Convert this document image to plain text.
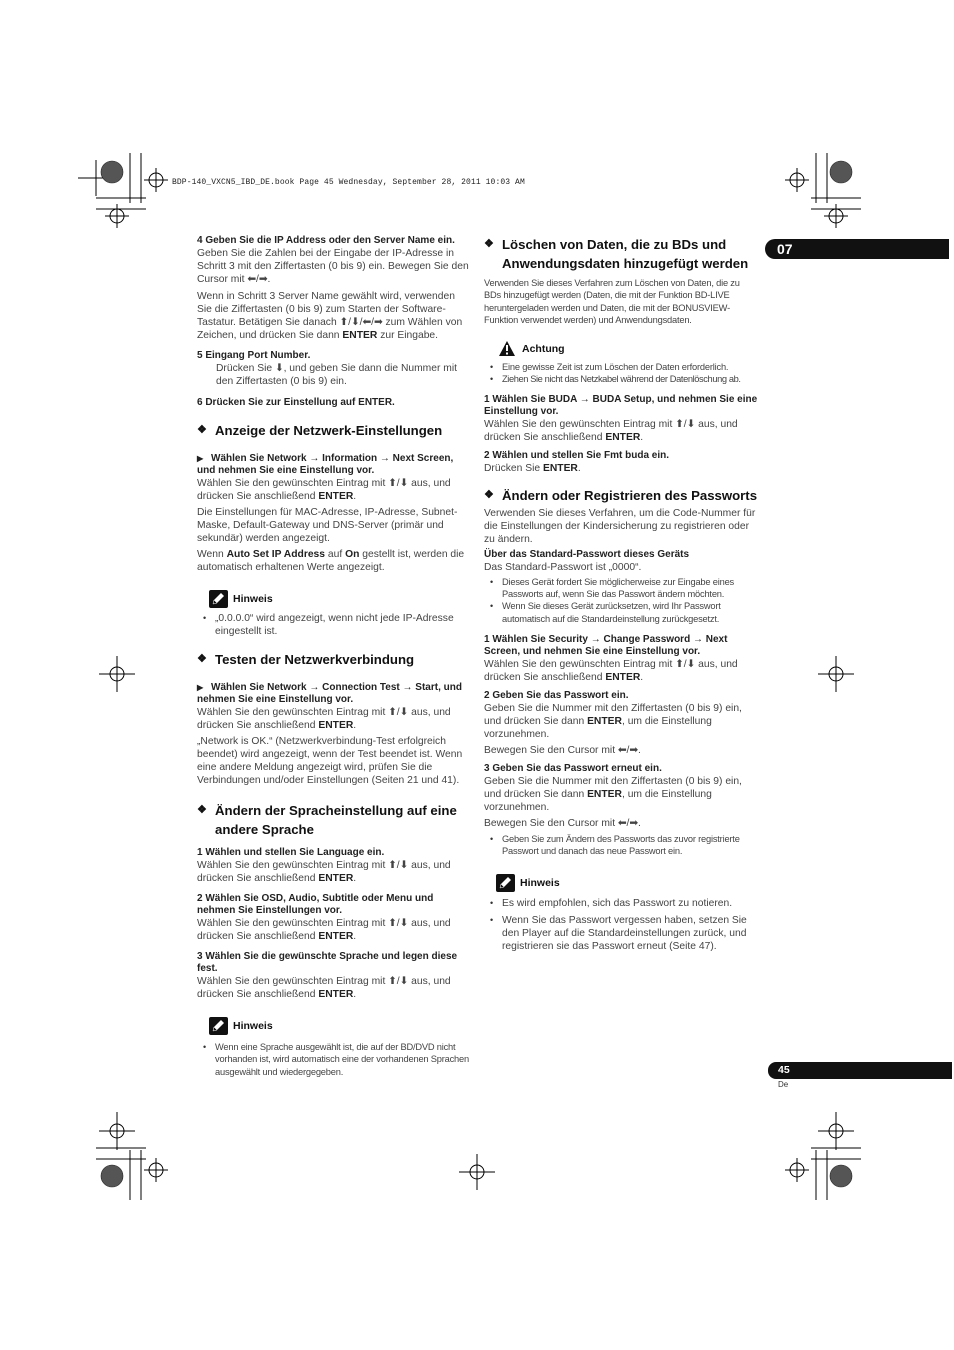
BDP-140_VXCN5_IBD_DE.book Page 45 Wednesday, September 28, 2011 10:03 AM
07
45
De
4 Geben Sie die IP Address oder den Server Name ein.
Geben Sie die Zahlen bei der Eingabe der IP-Adresse in Schritt 3 mit den Ziffertasten (0 bis 9) ein. Bewegen Sie den Cursor mit ⬅/➡.
Wenn in Schritt 3 Server Name gewählt wird, verwenden Sie die Ziffertasten (0 bis 9) zum Starten der Software-Tastatur. Betätigen Sie danach ⬆/⬇/⬅/➡ zum Wählen von Zeichen, und drücken Sie dann ENTER zur Eingabe.
5 Eingang Port Number.
Drücken Sie ⬇, und geben Sie dann die Nummer mit den Ziffertasten (0 bis 9) ein.
6 Drücken Sie zur Einstellung auf ENTER.
❖ Anzeige der Netzwerk-Einstellungen
▶ Wählen Sie Network → Information → Next Screen, und nehmen Sie eine Einstellung vor.
Wählen Sie den gewünschten Eintrag mit ⬆/⬇ aus, und drücken Sie anschließend ENTER.
Die Einstellungen für MAC-Adresse, IP-Adresse, Subnet-Maske, Default-Gateway und DNS-Server (primär und sekundär) werden angezeigt.
Wenn Auto Set IP Address auf On gestellt ist, werden die automatisch erhaltenen Werte angezeigt.
Hinweis
• „0.0.0.0“ wird angezeigt, wenn nicht jede IP-Adresse eingestellt ist.
❖ Testen der Netzwerkverbindung
▶ Wählen Sie Network → Connection Test → Start, und nehmen Sie eine Einstellung vor.
Wählen Sie den gewünschten Eintrag mit ⬆/⬇ aus, und drücken Sie anschließend ENTER.
„Network is OK.“ (Netzwerkverbindung-Test erfolgreich beendet) wird angezeigt, wenn der Test beendet ist. Wenn eine andere Meldung angezeigt wird, prüfen Sie die Verbindungen und/oder Einstellungen (Seiten 21 und 41).
❖ Ändern der Spracheinstellung auf eine andere Sprache
1 Wählen und stellen Sie Language ein.
Wählen Sie den gewünschten Eintrag mit ⬆/⬇ aus, und drücken Sie anschließend ENTER.
2 Wählen Sie OSD, Audio, Subtitle oder Menu und nehmen Sie Einstellungen vor.
Wählen Sie den gewünschten Eintrag mit ⬆/⬇ aus, und drücken Sie anschließend ENTER.
3 Wählen Sie die gewünschte Sprache und legen diese fest.
Wählen Sie den gewünschten Eintrag mit ⬆/⬇ aus, und drücken Sie anschließend ENTER.
Hinweis
• Wenn eine Sprache ausgewählt ist, die auf der BD/DVD nicht vorhanden ist, wird automatisch eine der vorhandenen Sprachen ausgewählt und wiedergegeben.
❖ Löschen von Daten, die zu BDs und Anwendungsdaten hinzugefügt werden
Verwenden Sie dieses Verfahren zum Löschen von Daten, die zu BDs hinzugefügt werden (Daten, die mit der Funktion BD-LIVE heruntergeladen werden und Daten, die mit der BONUSVIEW-Funktion verwendet werden) und Anwendungsdaten.
Achtung
• Eine gewisse Zeit ist zum Löschen der Daten erforderlich.
• Ziehen Sie nicht das Netzkabel während der Datenlöschung ab.
1 Wählen Sie BUDA → BUDA Setup, und nehmen Sie eine Einstellung vor.
Wählen Sie den gewünschten Eintrag mit ⬆/⬇ aus, und drücken Sie anschließend ENTER.
2 Wählen und stellen Sie Fmt buda ein.
Drücken Sie ENTER.
❖ Ändern oder Registrieren des Passworts
Verwenden Sie dieses Verfahren, um die Code-Nummer für die Einstellungen der Kindersicherung zu registrieren oder zu ändern.
Über das Standard-Passwort dieses Geräts
Das Standard-Passwort ist „0000“.
• Dieses Gerät fordert Sie möglicherweise zur Eingabe eines Passworts auf, wenn Sie das Passwort ändern möchten.
• Wenn Sie dieses Gerät zurücksetzen, wird Ihr Passwort automatisch auf die Standardeinstellung zurückgesetzt.
1 Wählen Sie Security → Change Password → Next Screen, und nehmen Sie eine Einstellung vor.
Wählen Sie den gewünschten Eintrag mit ⬆/⬇ aus, und drücken Sie anschließend ENTER.
2 Geben Sie das Passwort ein.
Geben Sie die Nummer mit den Ziffertasten (0 bis 9) ein, und drücken Sie dann ENTER, um die Einstellung vorzunehmen.
Bewegen Sie den Cursor mit ⬅/➡.
3 Geben Sie das Passwort erneut ein.
Geben Sie die Nummer mit den Ziffertasten (0 bis 9) ein, und drücken Sie dann ENTER, um die Einstellung vorzunehmen.
Bewegen Sie den Cursor mit ⬅/➡.
• Geben Sie zum Ändern des Passworts das zuvor registrierte Passwort und danach das neue Passwort ein.
Hinweis
• Es wird empfohlen, sich das Passwort zu notieren.
• Wenn Sie das Passwort vergessen haben, setzen Sie den Player auf die Standardeinstellungen zurück, und registrieren sie das Passwort erneut (Seite 47).
